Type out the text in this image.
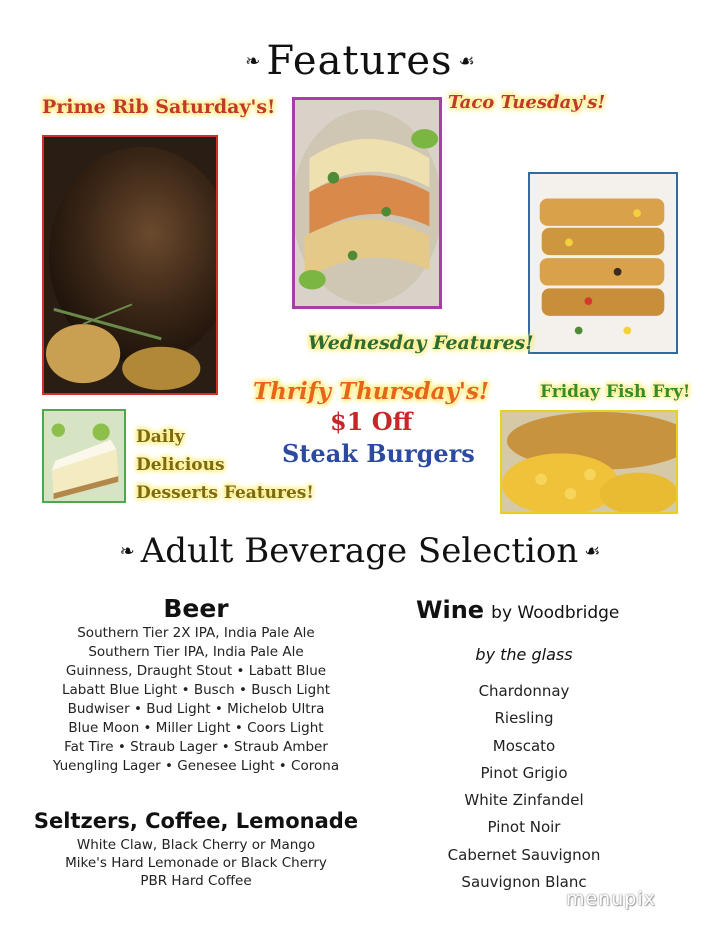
❧ Features ☙
Prime Rib Saturday's!	Taco Tuesday's!
Wednesday Features!
Thrify Thursday's!
$1 Off
Steak Burgers
Friday Fish Fry!
Daily
Delicious
Desserts Features!
❧ Adult Beverage Selection ☙
Beer
Southern Tier 2X IPA, India Pale Ale
Southern Tier IPA, India Pale Ale
Guinness, Draught Stout • Labatt Blue
Labatt Blue Light • Busch • Busch Light
Budwiser • Bud Light • Michelob Ultra
Blue Moon • Miller Light • Coors Light
Fat Tire • Straub Lager • Straub Amber
Yuengling Lager • Genesee Light • Corona
Seltzers, Coffee, Lemonade
White Claw, Black Cherry or Mango
Mike's Hard Lemonade or Black Cherry
PBR Hard Coffee
Wine by Woodbridge
by the glass
Chardonnay
Riesling
Moscato
Pinot Grigio
White Zinfandel
Pinot Noir
Cabernet Sauvignon
Sauvignon Blanc
menupix
